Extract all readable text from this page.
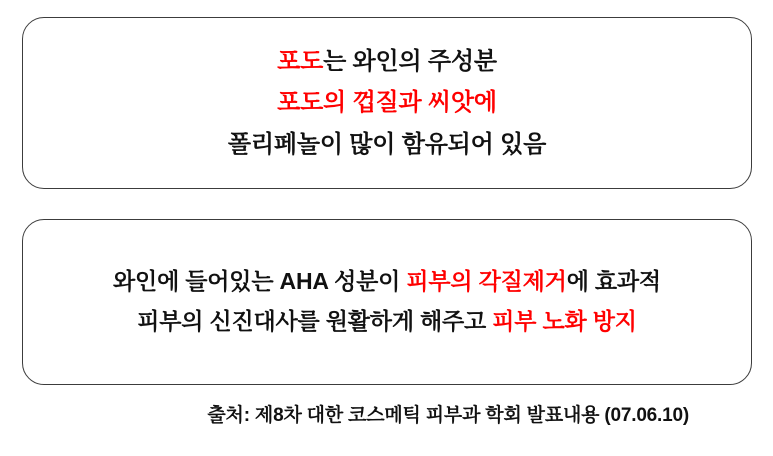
포도는 와인의 주성분
포도의 껍질과 씨앗에
폴리페놀이 많이 함유되어 있음
와인에 들어있는 AHA 성분이 피부의 각질제거에 효과적
피부의 신진대사를 원활하게 해주고 피부 노화 방지
출처: 제8차 대한 코스메틱 피부과 학회 발표내용 (07.06.10)
